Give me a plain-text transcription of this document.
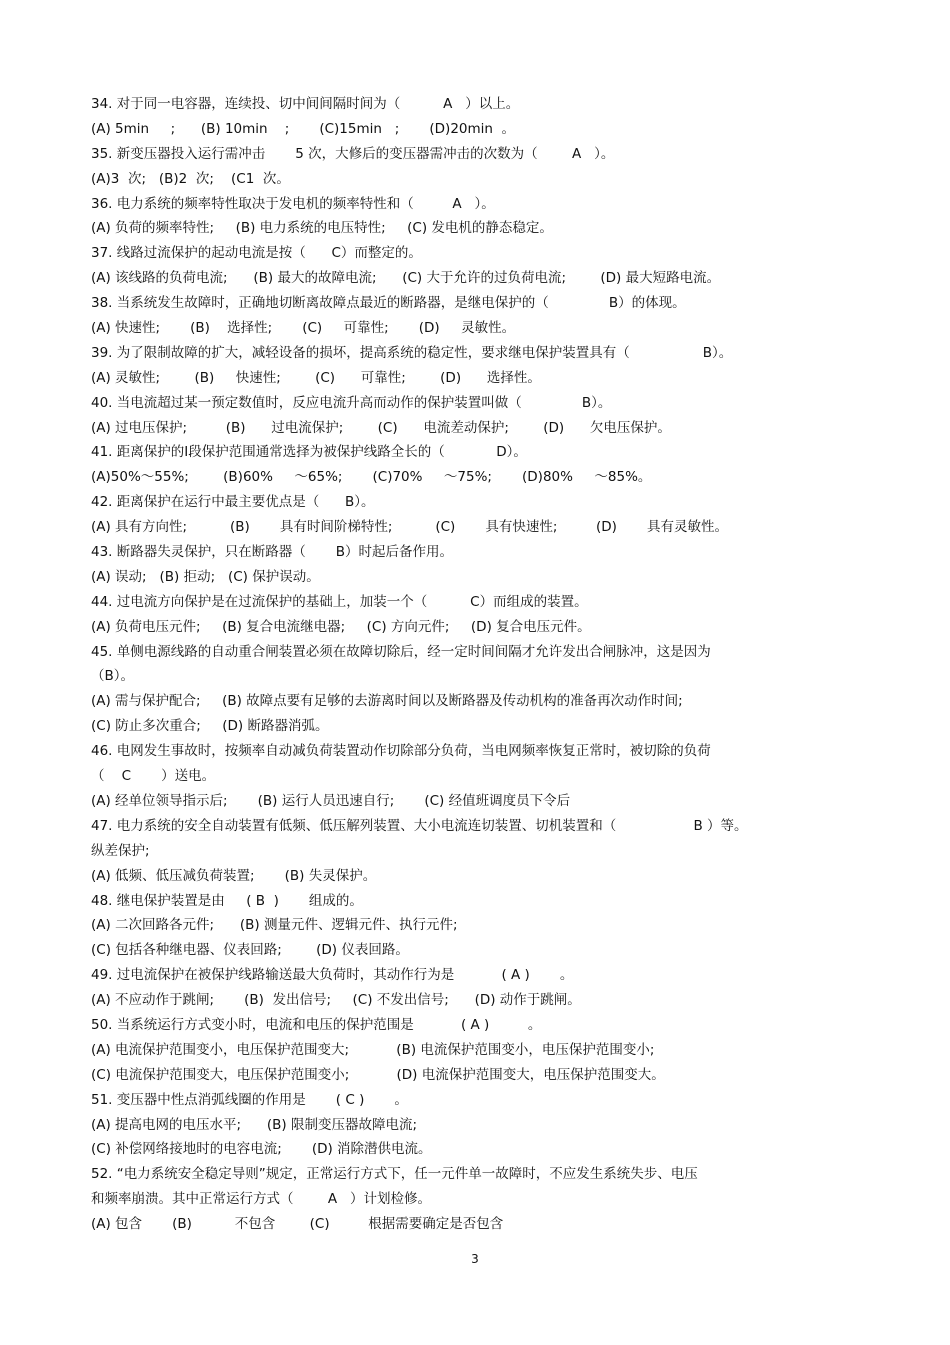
34. 对于同一电容器，连续投、切中间间隔时间为（          A   ）以上。
(A) 5min     ;      (B) 10min    ;       (C)15min   ;       (D)20min  。
35. 新变压器投入运行需冲击       5 次，大修后的变压器需冲击的次数为（        A   ）。
(A)3  次;   (B)2  次;    (C1  次。
36. 电力系统的频率特性取决于发电机的频率特性和（         A   ）。
(A) 负荷的频率特性;     (B) 电力系统的电压特性;     (C) 发电机的静态稳定。
37. 线路过流保护的起动电流是按（      C）而整定的。
(A) 该线路的负荷电流;      (B) 最大的故障电流;      (C) 大于允许的过负荷电流;        (D) 最大短路电流。
38. 当系统发生故障时，正确地切断离故障点最近的断路器，是继电保护的（              B）的体现。
(A) 快速性;       (B)    选择性;       (C)     可靠性;       (D)     灵敏性。
39. 为了限制故障的扩大，减轻设备的损坏，提高系统的稳定性，要求继电保护装置具有（                 B）。
(A) 灵敏性;        (B)     快速性;        (C)      可靠性;        (D)      选择性。
40. 当电流超过某一预定数值时，反应电流升高而动作的保护装置叫做（              B）。
(A) 过电压保护;         (B)      过电流保护;        (C)      电流差动保护;        (D)      欠电压保护。
41. 距离保护的Ⅰ段保护范围通常选择为被保护线路全长的（            D）。
(A)50%～55%;        (B)60%     ～65%;       (C)70%     ～75%;       (D)80%     ～85%。
42. 距离保护在运行中最主要优点是（      B）。
(A) 具有方向性;          (B)       具有时间阶梯特性;          (C)       具有快速性;         (D)       具有灵敏性。
43. 断路器失灵保护，只在断路器（       B）时起后备作用。
(A) 误动;   (B) 拒动;   (C) 保护误动。
44. 过电流方向保护是在过流保护的基础上，加装一个（          C）而组成的装置。
(A) 负荷电压元件;     (B) 复合电流继电器;     (C) 方向元件;     (D) 复合电压元件。
45. 单侧电源线路的自动重合闸装置必须在故障切除后，经一定时间间隔才允许发出合闸脉冲，这是因为
（B）。
(A) 需与保护配合;     (B) 故障点要有足够的去游离时间以及断路器及传动机构的准备再次动作时间;
(C) 防止多次重合;     (D) 断路器消弧。
46. 电网发生事故时，按频率自动减负荷装置动作切除部分负荷，当电网频率恢复正常时，被切除的负荷
（    C       ）送电。
(A) 经单位领导指示后;       (B) 运行人员迅速自行;       (C) 经值班调度员下令后
47. 电力系统的安全自动装置有低频、低压解列装置、大小电流连切装置、切机装置和（                  B ）等。
纵差保护;
(A) 低频、低压减负荷装置;       (B) 失灵保护。
48. 继电保护装置是由     ( B  )       组成的。
(A) 二次回路各元件;      (B) 测量元件、逻辑元件、执行元件;
(C) 包括各种继电器、仪表回路;        (D) 仪表回路。
49. 过电流保护在被保护线路输送最大负荷时，其动作行为是           ( A )       。
(A) 不应动作于跳闸;       (B)  发出信号;     (C) 不发出信号;      (D) 动作于跳闸。
50. 当系统运行方式变小时，电流和电压的保护范围是           ( A )         。
(A) 电流保护范围变小，电压保护范围变大;           (B) 电流保护范围变小，电压保护范围变小;
(C) 电流保护范围变大，电压保护范围变小;           (D) 电流保护范围变大，电压保护范围变大。
51. 变压器中性点消弧线圈的作用是       ( C )       。
(A) 提高电网的电压水平;      (B) 限制变压器故障电流;
(C) 补偿网络接地时的电容电流;       (D) 消除潜供电流。
52. “电力系统安全稳定导则”规定，正常运行方式下，任一元件单一故障时，不应发生系统失步、电压
和频率崩溃。其中正常运行方式（        A   ）计划检修。
(A) 包含       (B)          不包含        (C)         根据需要确定是否包含
3
